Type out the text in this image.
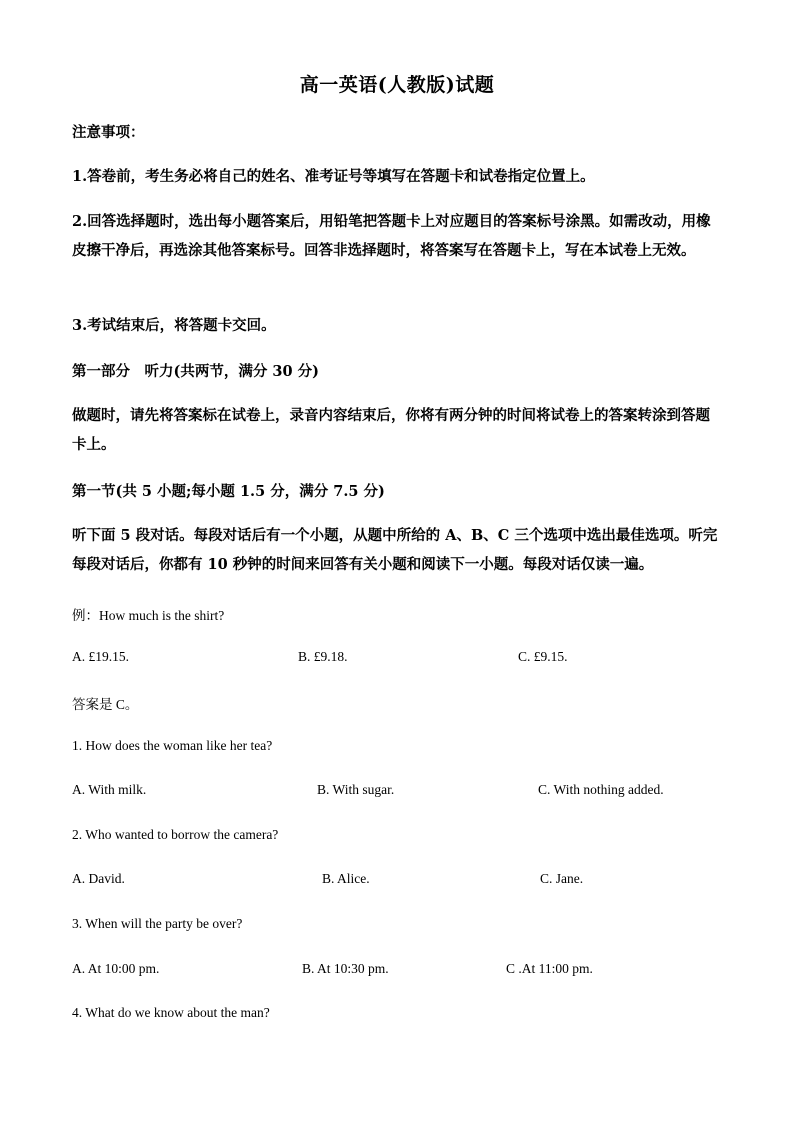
高一英语(人教版)试题
注意事项：
1.答卷前，考生务必将自己的姓名、准考证号等填写在答题卡和试卷指定位置上。
2.回答选择题时，选出每小题答案后，用铅笔把答题卡上对应题目的答案标号涂黑。如需改动，用橡皮擦干净后，再选涂其他答案标号。回答非选择题时，将答案写在答题卡上，写在本试卷上无效。
3.考试结束后，将答题卡交回。
第一部分　听力(共两节，满分 30 分)
做题时，请先将答案标在试卷上，录音内容结束后，你将有两分钟的时间将试卷上的答案转涂到答题卡上。
第一节(共 5 小题;每小题 1.5 分，满分 7.5 分)
听下面 5 段对话。每段对话后有一个小题，从题中所给的 A、B、C 三个选项中选出最佳选项。听完每段对话后，你都有 10 秒钟的时间来回答有关小题和阅读下一小题。每段对话仅读一遍。
例：How much is the shirt?
A. £19.15.	B. £9.18.	C. £9.15.
答案是 C。
1. How does the woman like her tea?
A. With milk.	B. With sugar.	C. With nothing added.
2. Who wanted to borrow the camera?
A. David.	B. Alice.	C. Jane.
3. When will the party be over?
A. At 10:00 pm.	B. At 10:30 pm.	C .At 11:00 pm.
4. What do we know about the man?
